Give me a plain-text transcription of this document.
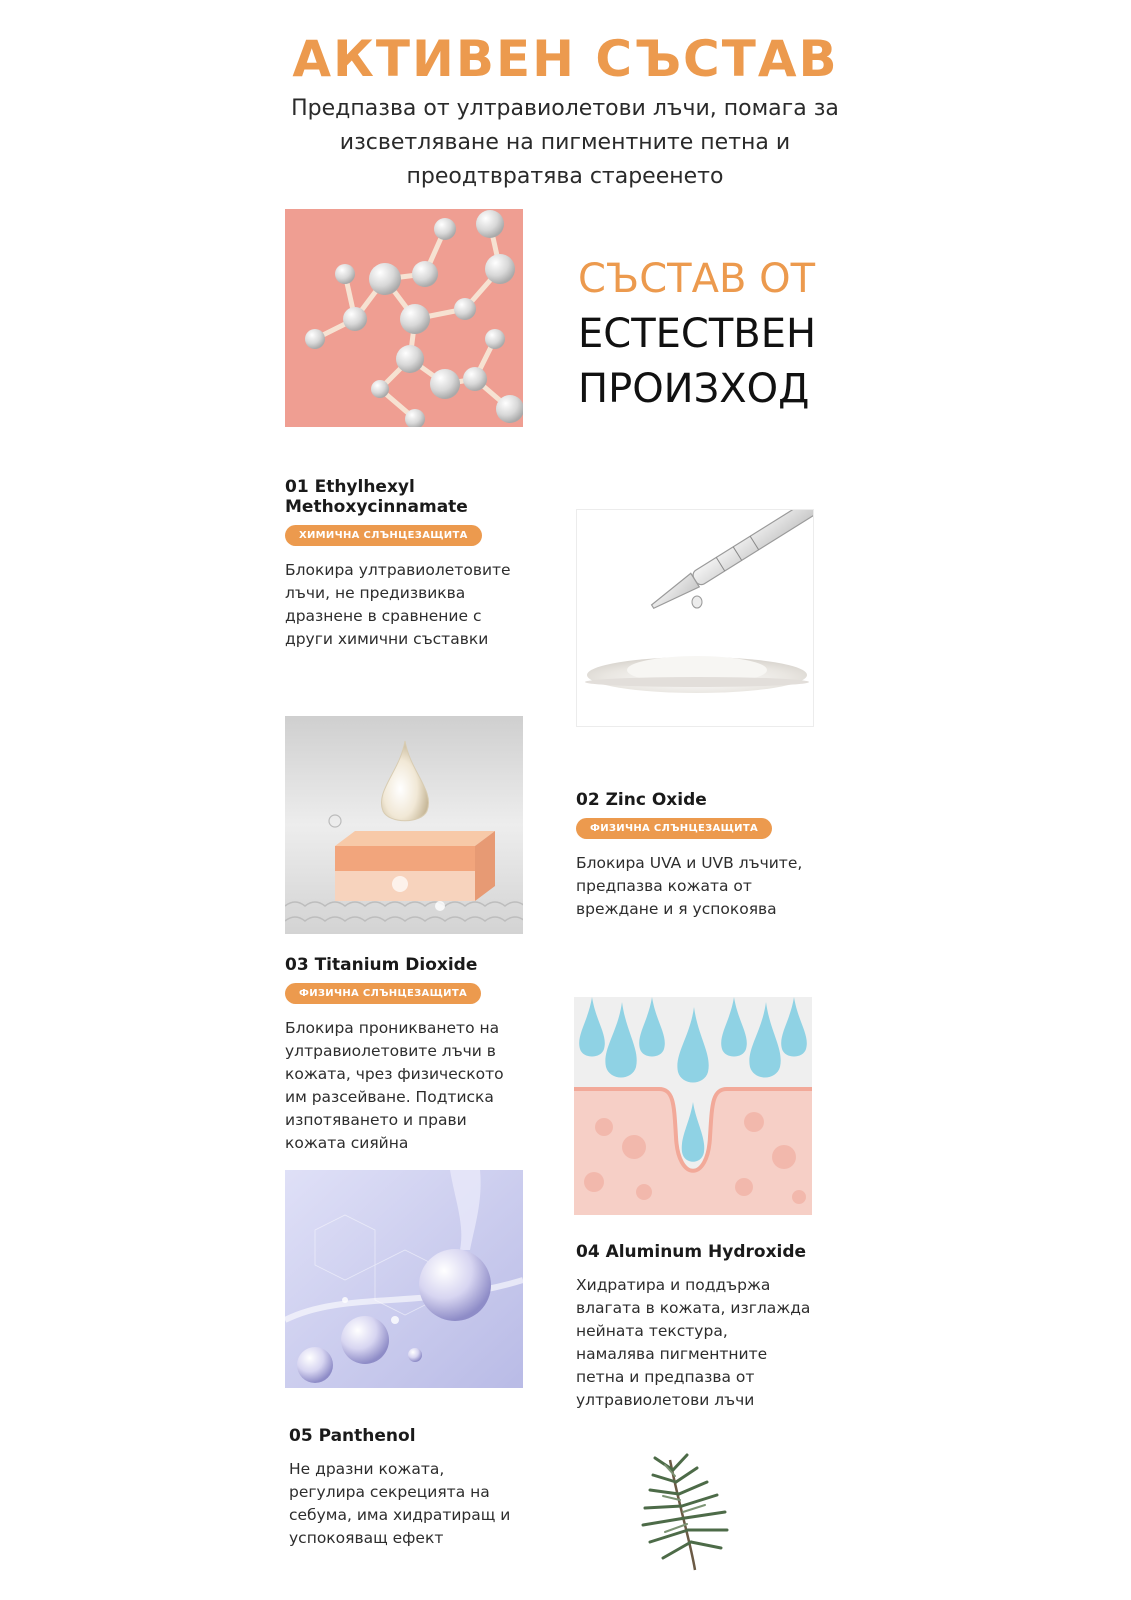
АКТИВЕН СЪСТАВ
Предпазва от ултравиолетови лъчи, помага за
изсветляване на пигментните петна и
преодтвратява стареенето
СЪСТАВ ОТ
ЕСТЕСТВЕН
ПРОИЗХОД
01 Ethylhexyl
Methoxycinnamate
ХИМИЧНА СЛЪНЦЕЗАЩИТА
Блокира ултравиолетовите
лъчи, не предизвиква
дразнене в сравнение с
други химични съставки
02 Zinc Oxide
ФИЗИЧНА СЛЪНЦЕЗАЩИТА
Блокира UVA и UVB лъчите,
предпазва кожата от
вреждане и я успокоява
03 Titanium Dioxide
ФИЗИЧНА СЛЪНЦЕЗАЩИТА
Блокира проникването на
ултравиолетовите лъчи в
кожата, чрез физическото
им разсейване. Подтиска
изпотяването и прави
кожата сияйна
04 Aluminum Hydroxide
Хидратира и поддържа
влагата в кожата, изглажда
нейната текстура,
намалява пигментните
петна и предпазва от
ултравиолетови лъчи
05 Panthenol
Не дразни кожата,
регулира секрецията на
себума, има хидратиращ и
успокояващ ефект
